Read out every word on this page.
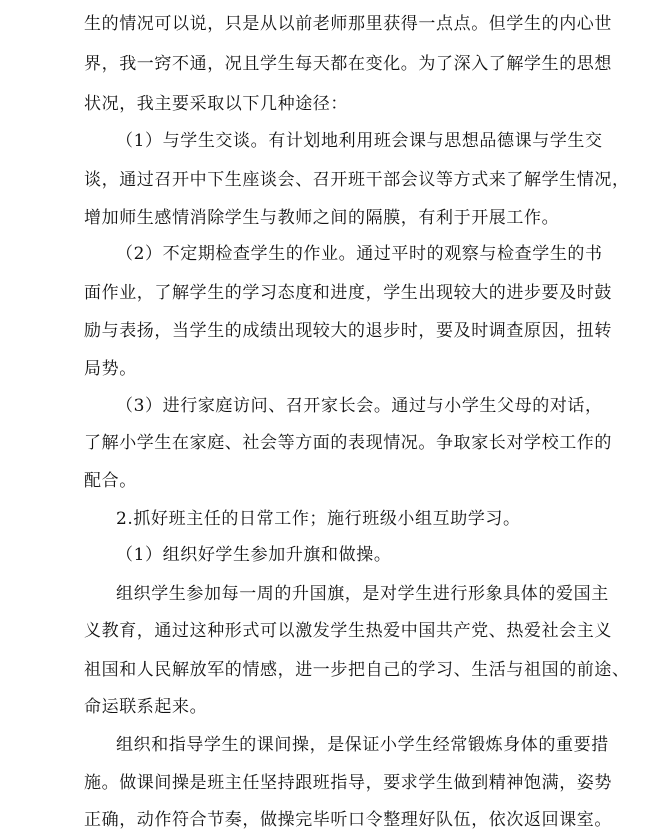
生的情况可以说，只是从以前老师那里获得一点点。但学生的内心世
界，我一窍不通，况且学生每天都在变化。为了深入了解学生的思想
状况，我主要采取以下几种途径：
（1）与学生交谈。有计划地利用班会课与思想品德课与学生交
谈，通过召开中下生座谈会、召开班干部会议等方式来了解学生情况，
增加师生感情消除学生与教师之间的隔膜，有利于开展工作。
（2）不定期检查学生的作业。通过平时的观察与检查学生的书
面作业，了解学生的学习态度和进度，学生出现较大的进步要及时鼓
励与表扬，当学生的成绩出现较大的退步时，要及时调查原因，扭转
局势。
（3）进行家庭访问、召开家长会。通过与小学生父母的对话，
了解小学生在家庭、社会等方面的表现情况。争取家长对学校工作的
配合。
2.抓好班主任的日常工作；施行班级小组互助学习。
（1）组织好学生参加升旗和做操。
组织学生参加每一周的升国旗，是对学生进行形象具体的爱国主
义教育，通过这种形式可以激发学生热爱中国共产党、热爱社会主义
祖国和人民解放军的情感，进一步把自己的学习、生活与祖国的前途、
命运联系起来。
组织和指导学生的课间操，是保证小学生经常锻炼身体的重要措
施。做课间操是班主任坚持跟班指导，要求学生做到精神饱满，姿势
正确，动作符合节奏，做操完毕听口令整理好队伍，依次返回课室。
